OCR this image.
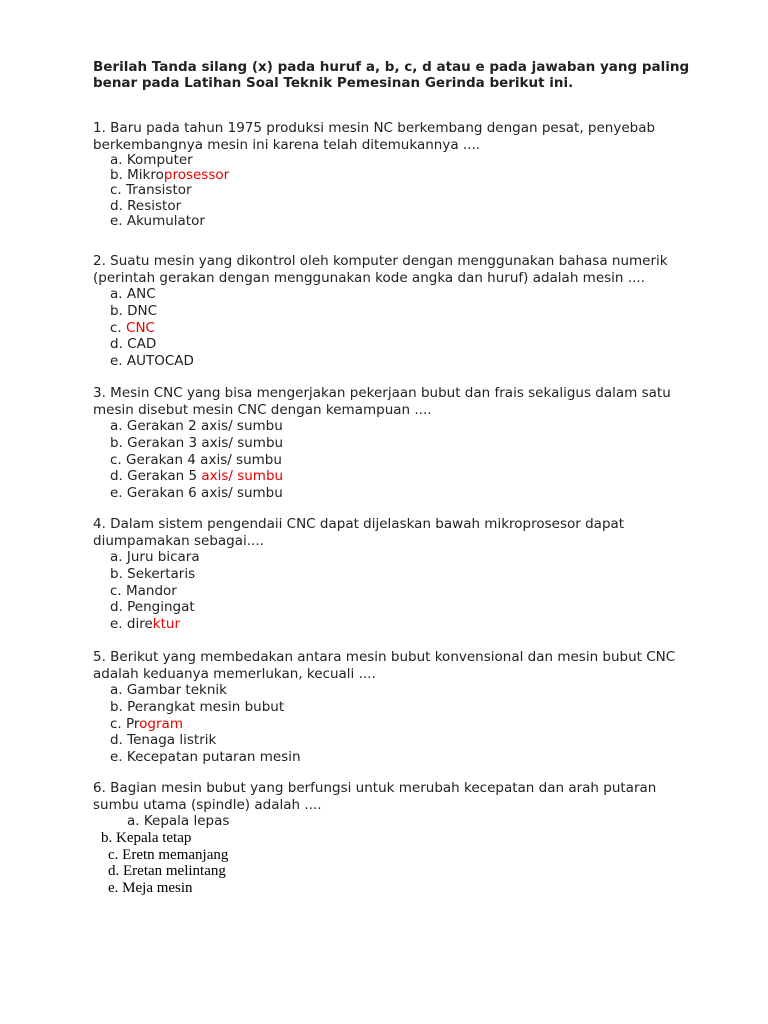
Berilah Tanda silang (x) pada huruf a, b, c, d atau e pada jawaban yang paling benar pada Latihan Soal Teknik Pemesinan Gerinda berikut ini.

1. Baru pada tahun 1975 produksi mesin NC berkembang dengan pesat, penyebab berkembangnya mesin ini karena telah ditemukannya ....

a. Komputer
b. Mikroprosessor
c. Transistor
d. Resistor
e. Akumulator

2. Suatu mesin yang dikontrol oleh komputer dengan menggunakan bahasa numerik (perintah gerakan dengan menggunakan kode angka dan huruf) adalah mesin ....

a. ANC
b. DNC
c. CNC
d. CAD
e. AUTOCAD

3. Mesin CNC yang bisa mengerjakan pekerjaan bubut dan frais sekaligus dalam satu mesin disebut mesin CNC dengan kemampuan ....

a. Gerakan 2 axis/ sumbu
b. Gerakan 3 axis/ sumbu
c. Gerakan 4 axis/ sumbu
d. Gerakan 5 axis/ sumbu
e. Gerakan 6 axis/ sumbu

4. Dalam sistem pengendaii CNC dapat dijelaskan bawah mikroprosesor dapat diumpamakan sebagai....

a. Juru bicara
b. Sekertaris
c. Mandor
d. Pengingat
e. direktur

5. Berikut yang membedakan antara mesin bubut konvensional dan mesin bubut CNC adalah keduanya memerlukan, kecuali ....

a. Gambar teknik
b. Perangkat mesin bubut
c. Program
d. Tenaga listrik
e. Kecepatan putaran mesin

6. Bagian mesin bubut yang berfungsi untuk merubah kecepatan dan arah putaran sumbu utama (spindle) adalah ....

a. Kepala lepas
b. Kepala tetap
c. Eretn memanjang
d. Eretan melintang
e. Meja mesin
